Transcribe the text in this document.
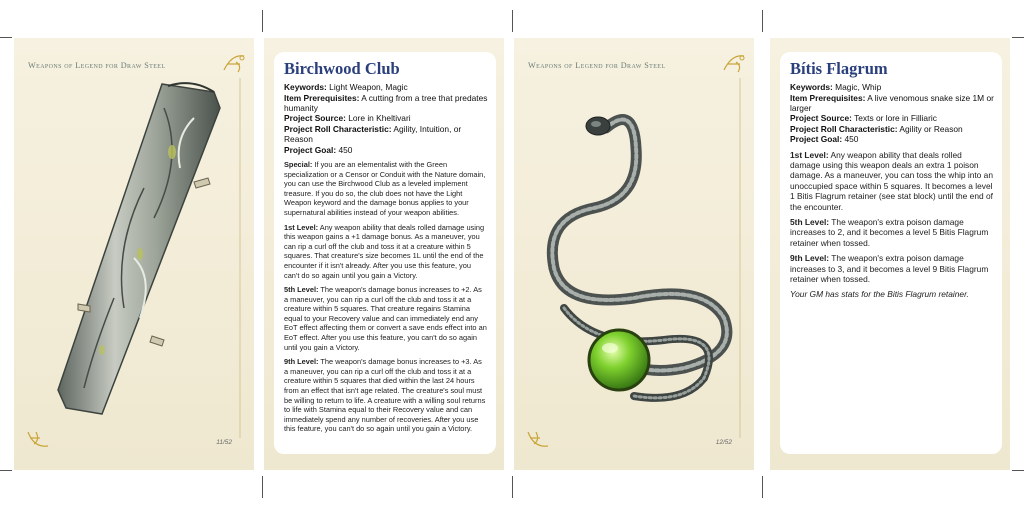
Weapons of Legend for Draw Steel
11/52
Birchwood Club
Keywords: Light Weapon, Magic
Item Prerequisites: A cutting from a tree that predates humanity
Project Source: Lore in Kheltivari
Project Roll Characteristic: Agility, Intuition, or Reason
Project Goal: 450
Special: If you are an elementalist with the Green specialization or a Censor or Conduit with the Nature domain, you can use the Birchwood Club as a leveled implement treasure. If you do so, the club does not have the Light Weapon keyword and the damage bonus applies to your supernatural abilities instead of your weapon abilities.
1st Level: Any weapon ability that deals rolled damage using this weapon gains a +1 damage bonus. As a maneuver, you can rip a curl off the club and toss it at a creature within 5 squares. That creature's size becomes 1L until the end of the encounter if it isn't already. After you use this feature, you can't do so again until you gain a Victory.
5th Level: The weapon's damage bonus increases to +2. As a maneuver, you can rip a curl off the club and toss it at a creature within 5 squares. That creature regains Stamina equal to your Recovery value and can immediately end any EoT effect affecting them or convert a save ends effect into an EoT effect. After you use this feature, you can't do so again until you gain a Victory.
9th Level: The weapon's damage bonus increases to +3. As a maneuver, you can rip a curl off the club and toss it at a creature within 5 squares that died within the last 24 hours from an effect that isn't age related. The creature's soul must be willing to return to life. A creature with a willing soul returns to life with Stamina equal to their Recovery value and can immediately spend any number of recoveries. After you use this feature, you can't do so again until you gain a Victory.
Weapons of Legend for Draw Steel
12/52
Bítis Flagrum
Keywords: Magic, Whip
Item Prerequisites: A live venomous snake size 1M or larger
Project Source: Texts or lore in Filliaric
Project Roll Characteristic: Agility or Reason
Project Goal: 450
1st Level: Any weapon ability that deals rolled damage using this weapon deals an extra 1 poison damage. As a maneuver, you can toss the whip into an unoccupied space within 5 squares. It becomes a level 1 Bitis Flagrum retainer (see stat block) until the end of the encounter.
5th Level: The weapon's extra poison damage increases to 2, and it becomes a level 5 Bitis Flagrum retainer when tossed.
9th Level: The weapon's extra poison damage increases to 3, and it becomes a level 9 Bitis Flagrum retainer when tossed.
Your GM has stats for the Bitis Flagrum retainer.
